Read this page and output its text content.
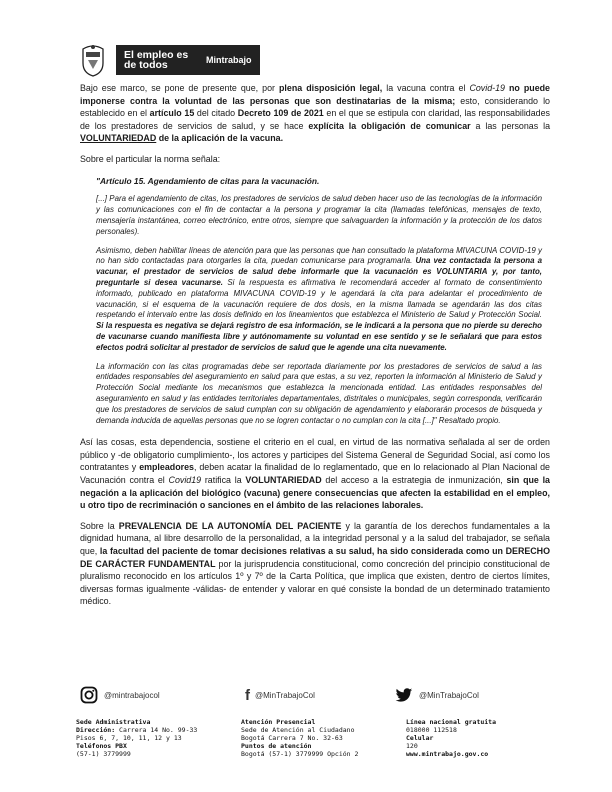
El empleo es de todos	Mintrabajo

Bajo ese marco, se pone de presente que, por plena disposición legal, la vacuna contra el Covid-19 no puede imponerse contra la voluntad de las personas que son destinatarias de la misma; esto, considerando lo establecido en el artículo 15 del citado Decreto 109 de 2021 en el que se estipula con claridad, las responsabilidades de los prestadores de servicios de salud, y se hace explícita la obligación de comunicar a las personas la VOLUNTARIEDAD de la aplicación de la vacuna.

Sobre el particular la norma señala:

"Artículo 15. Agendamiento de citas para la vacunación.

[...] Para el agendamiento de citas, los prestadores de servicios de salud deben hacer uso de las tecnologías de la información y las comunicaciones con el fin de contactar a la persona y programar la cita (llamadas telefónicas, mensajes de texto, mensajería instantánea, correo electrónico, entre otros, siempre que salvaguarden la información y la protección de los datos personales).

Asimismo, deben habilitar líneas de atención para que las personas que han consultado la plataforma MIVACUNA COVID-19 y no han sido contactadas para otorgarles la cita, puedan comunicarse para programarla. Una vez contactada la persona a vacunar, el prestador de servicios de salud debe informarle que la vacunación es VOLUNTARIA y, por tanto, preguntarle si desea vacunarse. Si la respuesta es afirmativa le recomendará acceder al formato de consentimiento informado, publicado en plataforma MIVACUNA COVID-19 y le agendará la cita para adelantar el procedimiento de vacunación, si el esquema de la vacunación requiere de dos dosis, en la misma llamada se agendarán las dos citas respetando el intervalo entre las dosis definido en los lineamientos que establezca el Ministerio de Salud y Protección Social. Si la respuesta es negativa se dejará registro de esa información, se le indicará a la persona que no pierde su derecho de vacunarse cuando manifiesta libre y autónomamente su voluntad en ese sentido y se le señalará que para estos efectos podrá solicitar al prestador de servicios de salud que le agende una cita nuevamente.

La información con las citas programadas debe ser reportada diariamente por los prestadores de servicios de salud a las entidades responsables del aseguramiento en salud para que estas, a su vez, reporten la información al Ministerio de Salud y Protección Social mediante los mecanismos que establezca la mencionada entidad. Las entidades responsables del aseguramiento en salud y las entidades territoriales departamentales, distritales o municipales, según corresponda, verificarán que los prestadores de servicios de salud cumplan con su obligación de agendamiento y elaborarán procesos de búsqueda y demanda inducida de aquellas personas que no se logren contactar o no cumplan con la cita [...]" Resaltado propio.

Así las cosas, esta dependencia, sostiene el criterio en el cual, en virtud de las normativa señalada al ser de orden público y -de obligatorio cumplimiento-, los actores y participes del Sistema General de Seguridad Social, así como los contratantes y empleadores, deben acatar la finalidad de lo reglamentado, que en lo relacionado al Plan Nacional de Vacunación contra el Covid19 ratifica la VOLUNTARIEDAD del acceso a la estrategia de inmunización, sin que la negación a la aplicación del biológico (vacuna) genere consecuencias que afecten la estabilidad en el empleo, u otro tipo de recriminación o sanciones en el ámbito de las relaciones laborales.

Sobre la PREVALENCIA DE LA AUTONOMÍA DEL PACIENTE y la garantía de los derechos fundamentales a la dignidad humana, al libre desarrollo de la personalidad, a la integridad personal y a la salud del trabajador, se señala que, la facultad del paciente de tomar decisiones relativas a su salud, ha sido considerada como un DERECHO DE CARÁCTER FUNDAMENTAL por la jurisprudencia constitucional, como concreción del principio constitucional de pluralismo reconocido en los artículos 1º y 7º de la Carta Política, que implica que existen, dentro de ciertos límites, diversas formas igualmente -válidas- de entender y valorar en qué consiste la bondad de un determinado tratamiento médico.

@mintrabajocol	f @MinTrabajoCol	@MinTrabajoCol
Sede Administrativa
Dirección: Carrera 14 No. 99-33
Pisos 6, 7, 10, 11, 12 y 13
Teléfonos PBX
(57-1) 3779999
Atención Presencial
Sede de Atención al Ciudadano
Bogotá Carrera 7 No. 32-63
Puntos de atención
Bogotá (57-1) 3779999 Opción 2
Línea nacional gratuita
018000 112518
Celular
120
www.mintrabajo.gov.co
